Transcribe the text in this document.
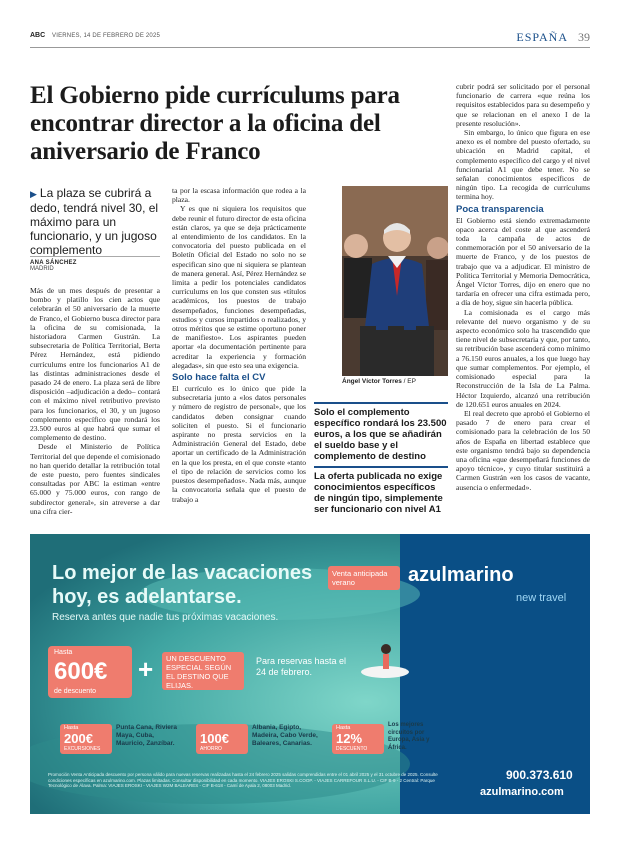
ABC VIERNES, 14 DE FEBRERO DE 2025	ESPAÑA 39
El Gobierno pide currículums para encontrar director a la oficina del aniversario de Franco
▶ La plaza se cubrirá a dedo, tendrá nivel 30, el máximo para un funcionario, y un jugoso complemento
ANA SÁNCHEZ
MADRID

Más de un mes después de presentar a bombo y platillo los cien actos que celebrarán el 50 aniversario de la muerte de Franco, el Gobierno busca director para la oficina de su comisionada, la historiadora Carmen Gustrán. La subsecretaria de Política Territorial, Berta Pérez Hernández, está pidiendo currículums entre los funcionarios A1 de las distintas administraciones desde el pasado 24 de enero. La plaza será de libre disposición –adjudicación a dedo– contará con el máximo nivel retributivo previsto para los funcionarios, el 30, y un jugoso complemento específico que rondará los 23.500 euros al que habrá que sumar el complemento de destino.

Desde el Ministerio de Política Territorial del que depende el comisionado no han querido detallar la retribución total de este puesto, pero fuentes sindicales consultadas por ABC la estiman «entre 65.000 y 75.000 euros, con rango de subdirector general», sin atreverse a dar una cifra cier-

ta por la escasa información que rodea a la plaza.

Y es que ni siquiera los requisitos que debe reunir el futuro director de esta oficina están claros, ya que se deja prácticamente al entendimiento de los candidatos. En la convocatoria del puesto publicada en el Boletín Oficial del Estado no solo no se especifican sino que ni siquiera se plantean de manera general. Así, Pérez Hernández se limita a pedir los potenciales candidatos currículums en los que consten sus «títulos académicos, los puestos de trabajo desempeñados, funciones desempeñadas, estudios y cursos impartidos o realizados, y otros méritos que se estime oportuno poner de manifiesto». Los aspirantes pueden aportar «la documentación pertinente para acreditar la experiencia y formación alegadas», sin que esto sea una exigencia.

Solo hace falta el CV

El currículo es lo único que pide la subsecretaria junto a «los datos personales y número de registro de personal», que los candidatos deben consignar cuando soliciten el puesto. Si el funcionario aspirante no presta servicios en la Administración General del Estado, debe aportar un certificado de la Administración en la que los presta, en el que conste «tanto el tipo de relación de servicios como los puestos desempeñados». Nada más, aunque la convocatoria señala que el puesto de trabajo a

Ángel Víctor Torres / EP
Solo el complemento específico rondará los 23.500 euros, a los que se añadirán el sueldo base y el complemento de destino
La oferta publicada no exige conocimientos específicos de ningún tipo, simplemente ser funcionario con nivel A1

cubrir podrá ser solicitado por el personal funcionario de carrera «que reúna los requisitos establecidos para su desempeño y que se relacionan en el anexo I de la presente resolución».

Sin embargo, lo único que figura en ese anexo es el nombre del puesto ofertado, su ubicación en Madrid capital, el complemento específico del cargo y el nivel funcionarial A1 que debe tener. No se señalan conocimientos específicos de ningún tipo. La recogida de currículums termina hoy.

Poca transparencia

El Gobierno está siendo extremadamente opaco acerca del coste al que ascenderá toda la campaña de actos de conmemoración por el 50 aniversario de la muerte de Franco, y de los puestos de trabajo que va a adjudicar. El ministro de Política Territorial y Memoria Democrática, Ángel Víctor Torres, dijo en enero que no tardaría en ofrecer una cifra estimada pero, a día de hoy, sigue sin hacerla pública.

La comisionada es el cargo más relevante del nuevo organismo y de su aspecto económico solo ha trascendido que tiene nivel de subsecretaria y que, por tanto, su retribución base ascenderá como mínimo a 76.150 euros anuales, a los que luego hay que sumar complementos. Por ejemplo, el comisionado especial para la Reconstrucción de la Isla de La Palma. Héctor Izquierdo, alcanzó una retribución de 120.651 euros anuales en 2024.

El real decreto que aprobó el Gobierno el pasado 7 de enero para crear el comisionado para la celebración de los 50 años de España en libertad establece que este organismo tendrá bajo su dependencia una oficina «que desempeñará funciones de apoyo técnico», y cuyo titular sustituirá a Carmen Gustrán «en los casos de vacante, ausencia o enfermedad».

Lo mejor de las vacaciones
hoy, es adelantarse.
Reserva antes que nadie tus próximas vacaciones.
Venta anticipada verano	azulmarino
new travel
Hasta
600€
de descuento
+	UN DESCUENTO ESPECIAL SEGÚN EL DESTINO QUE ELIJAS.
Para reservas hasta el 24 de febrero.
Hasta
200€
EXCURSIONES
Punta Cana, Riviera Maya, Cuba, Mauricio, Zanzíbar.	100€
AHORRO
Albania, Egipto, Madeira, Cabo Verde, Baleares, Canarias.
Hasta
12%
DESCUENTO
Los mejores circuitos por Europa, Asia y África.
Promoción Venta Anticipada descuento por persona válido para nuevas reservas realizadas hasta el 24 febrero 2025 salidas comprendidas entre el 01 abril 2025 y el 31 octubre de 2025. Consulte condiciones específicas en azulmarino.com. Plazas limitadas. Consultar disponibilidad en cada momento. VIAJES EROSKI S.COOP. - VIAJES CARREFOUR S.L.U. - CIF B-9 - 2 Central: Parque Tecnológico de Álava. Palma: VIAJES EROSKI - VIAJES W2M BALEARES - CIF B-618 - Camí de Ayala 2, 08003 Madrid.
900.373.610
azulmarino.com
